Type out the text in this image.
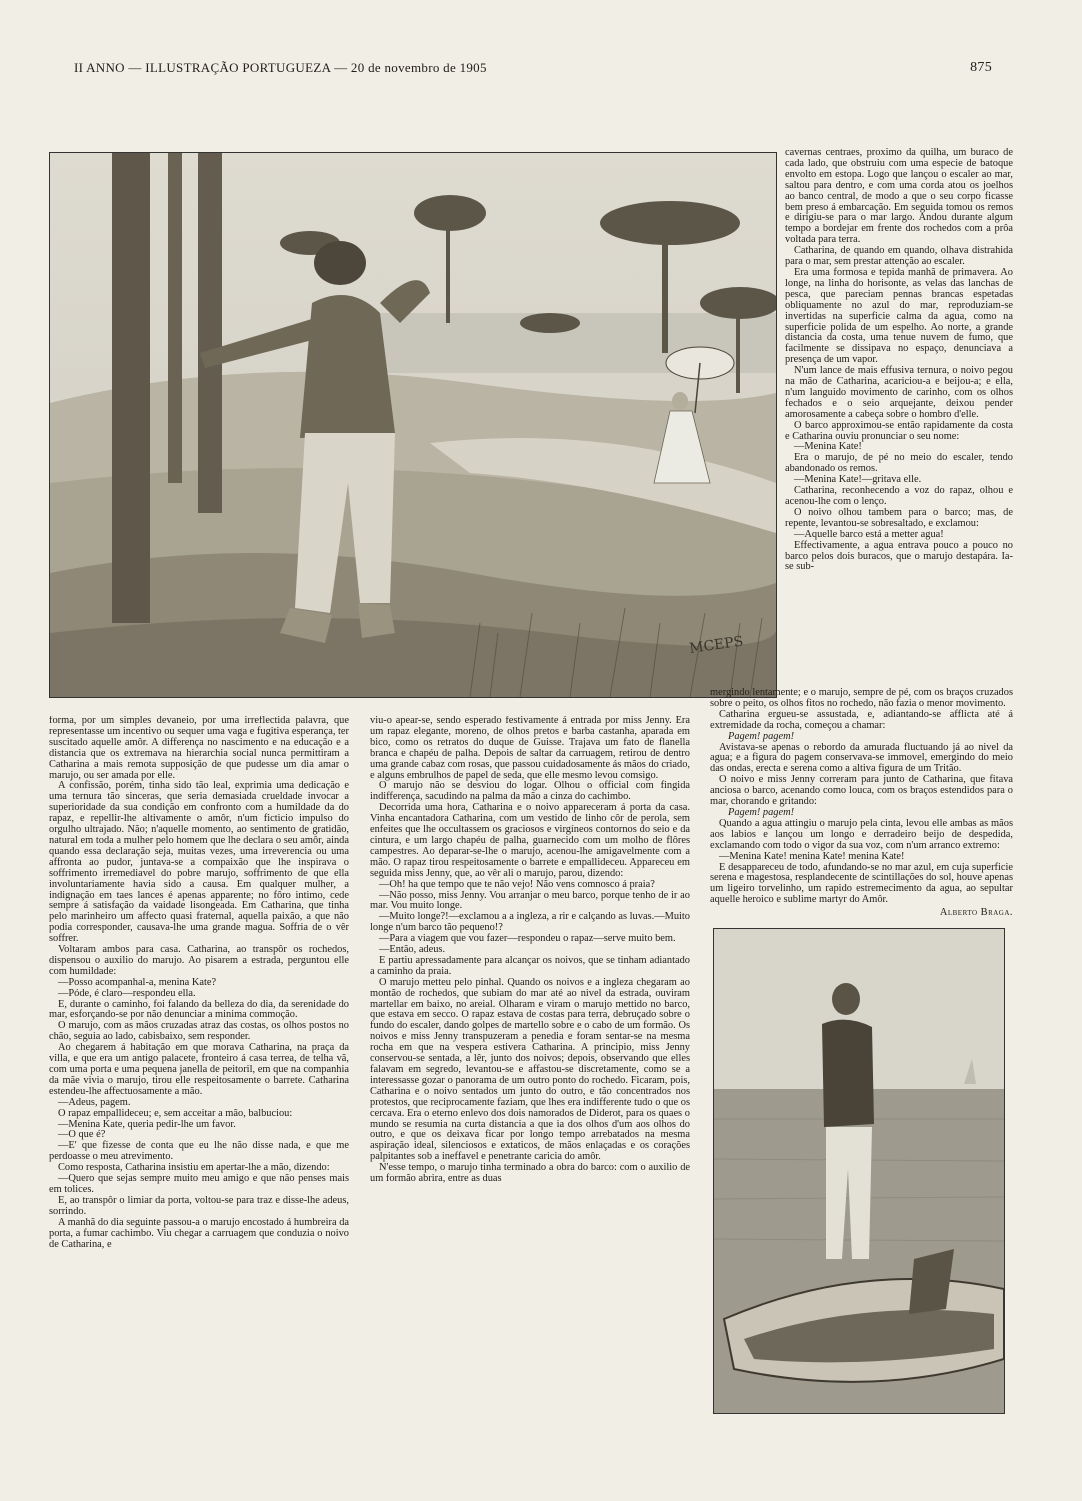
II ANNO — ILLUSTRAÇÃO PORTUGUEZA — 20 de novembro de 1905	875
MCEPS

cavernas centraes, proximo da quilha, um buraco de cada lado, que obstruiu com uma especie de batoque envolto em estopa. Logo que lançou o escaler ao mar, saltou para dentro, e com uma corda atou os joelhos ao banco central, de modo a que o seu corpo ficasse bem preso á embarcação. Em seguida tomou os remos e dirigiu-se para o mar largo. Andou durante algum tempo a bordejar em frente dos rochedos com a prôa voltada para terra.

Catharina, de quando em quando, olhava distrahida para o mar, sem prestar attenção ao escaler.

Era uma formosa e tepida manhã de primavera. Ao longe, na linha do horisonte, as velas das lanchas de pesca, que pareciam pennas brancas espetadas obliquamente no azul do mar, reproduziam-se invertidas na superficie calma da agua, como na superficie polida de um espelho. Ao norte, a grande distancia da costa, uma tenue nuvem de fumo, que facilmente se dissipava no espaço, denunciava a presença de um vapor.

N'um lance de mais effusiva ternura, o noivo pegou na mão de Catharina, acariciou-a e beijou-a; e ella, n'um languido movimento de carinho, com os olhos fechados e o seio arquejante, deixou pender amorosamente a cabeça sobre o hombro d'elle.

O barco approximou-se então rapidamente da costa e Catharina ouviu pronunciar o seu nome:

—Menina Kate!

Era o marujo, de pé no meio do escaler, tendo abandonado os remos.

—Menina Kate!—gritava elle.

Catharina, reconhecendo a voz do rapaz, olhou e acenou-lhe com o lenço.

O noivo olhou tambem para o barco; mas, de repente, levantou-se sobresaltado, e exclamou:

—Aquelle barco está a metter agua!

Effectivamente, a agua entrava pouco a pouco no barco pelos dois buracos, que o marujo destapára. Ia-se sub-

mergindo lentamente; e o marujo, sempre de pé, com os braços cruzados sobre o peito, os olhos fitos no rochedo, não fazia o menor movimento.

Catharina ergueu-se assustada, e, adiantando-se afflicta até á extremidade da rocha, começou a chamar:

Pagem! pagem!

Avistava-se apenas o rebordo da amurada fluctuando já ao nivel da agua; e a figura do pagem conservava-se immovel, emergindo do meio das ondas, erecta e serena como a altiva figura de um Tritão.

O noivo e miss Jenny correram para junto de Catharina, que fitava anciosa o barco, acenando como louca, com os braços estendidos para o mar, chorando e gritando:

Pagem! pagem!

Quando a agua attingiu o marujo pela cinta, levou elle ambas as mãos aos labios e lançou um longo e derradeiro beijo de despedida, exclamando com todo o vigor da sua voz, com n'um arranco extremo:

—Menina Kate! menina Kate! menina Kate!

E desappareceu de todo, afundando-se no mar azul, em cuja superficie serena e magestosa, resplandecente de scintillações do sol, houve apenas um ligeiro torvelinho, um rapido estremecimento da agua, ao sepultar aquelle heroico e sublime martyr do Amôr.

Alberto Braga.

forma, por um simples devaneio, por uma irreflectida palavra, que representasse um incentivo ou sequer uma vaga e fugitiva esperança, ter suscitado aquelle amôr. A differença no nascimento e na educação e a distancia que os extremava na hierarchia social nunca permittiram a Catharina a mais remota supposição de que pudesse um dia amar o marujo, ou ser amada por elle.

A confissão, porém, tinha sido tão leal, exprimia uma dedicação e uma ternura tão sinceras, que seria demasiada crueldade invocar a superioridade da sua condição em confronto com a humildade da do rapaz, e repellir-lhe altivamente o amôr, n'um ficticio impulso do orgulho ultrajado. Não; n'aquelle momento, ao sentimento de gratidão, natural em toda a mulher pelo homem que lhe declara o seu amôr, ainda quando essa declaração seja, muitas vezes, uma irreverencia ou uma affronta ao pudor, juntava-se a compaixão que lhe inspirava o soffrimento irremediavel do pobre marujo, soffrimento de que ella involuntariamente havia sido a causa. Em qualquer mulher, a indignação em taes lances é apenas apparente; no fôro intimo, cede sempre á satisfação da vaidade lisongeada. Em Catharina, que tinha pelo marinheiro um affecto quasi fraternal, aquella paixão, a que não podia corresponder, causava-lhe uma grande magua. Soffria de o vêr soffrer.

Voltaram ambos para casa. Catharina, ao transpôr os rochedos, dispensou o auxilio do marujo. Ao pisarem a estrada, perguntou elle com humildade:

—Posso acompanhal-a, menina Kate?

—Póde, é claro—respondeu ella.

E, durante o caminho, foi falando da belleza do dia, da serenidade do mar, esforçando-se por não denunciar a minima commoção.

O marujo, com as mãos cruzadas atraz das costas, os olhos postos no chão, seguia ao lado, cabisbaixo, sem responder.

Ao chegarem á habitação em que morava Catharina, na praça da villa, e que era um antigo palacete, fronteiro á casa terrea, de telha vã, com uma porta e uma pequena janella de peitoril, em que na companhia da mãe vivia o marujo, tirou elle respeitosamente o barrete. Catharina estendeu-lhe affectuosamente a mão.

—Adeus, pagem.

O rapaz empallideceu; e, sem acceitar a mão, balbuciou:

—Menina Kate, queria pedir-lhe um favor.

—O que é?

—E' que fizesse de conta que eu lhe não disse nada, e que me perdoasse o meu atrevimento.

Como resposta, Catharina insistiu em apertar-lhe a mão, dizendo:

—Quero que sejas sempre muito meu amigo e que não penses mais em tolices.

E, ao transpôr o limiar da porta, voltou-se para traz e disse-lhe adeus, sorrindo.

A manhã do dia seguinte passou-a o marujo encostado á humbreira da porta, a fumar cachimbo. Viu chegar a carruagem que conduzia o noivo de Catharina, e

viu-o apear-se, sendo esperado festivamente á entrada por miss Jenny. Era um rapaz elegante, moreno, de olhos pretos e barba castanha, aparada em bico, como os retratos do duque de Guisse. Trajava um fato de flanella branca e chapéu de palha. Depois de saltar da carruagem, retirou de dentro uma grande cabaz com rosas, que passou cuidadosamente ás mãos do criado, e alguns embrulhos de papel de seda, que elle mesmo levou comsigo.

O marujo não se desviou do logar. Olhou o official com fingida indifferença, sacudindo na palma da mão a cinza do cachimbo.

Decorrida uma hora, Catharina e o noivo appareceram á porta da casa. Vinha encantadora Catharina, com um vestido de linho côr de perola, sem enfeites que lhe occultassem os graciosos e virgíneos contornos do seio e da cintura, e um largo chapéu de palha, guarnecido com um molho de flôres campestres. Ao deparar-se-lhe o marujo, acenou-lhe amigavelmente com a mão. O rapaz tirou respeitosamente o barrete e empallideceu. Appareceu em seguida miss Jenny, que, ao vêr ali o marujo, parou, dizendo:

—Oh! ha que tempo que te não vejo! Não vens comnosco á praia?

—Não posso, miss Jenny. Vou arranjar o meu barco, porque tenho de ir ao mar. Vou muito longe.

—Muito longe?!—exclamou a a ingleza, a rir e calçando as luvas.—Muito longe n'um barco tão pequeno!?

—Para a viagem que vou fazer—respondeu o rapaz—serve muito bem.

—Então, adeus.

E partiu apressadamente para alcançar os noivos, que se tinham adiantado a caminho da praia.

O marujo metteu pelo pinhal. Quando os noivos e a ingleza chegaram ao montão de rochedos, que subiam do mar até ao nivel da estrada, ouviram martellar em baixo, no areial. Olharam e viram o marujo mettido no barco, que estava em secco. O rapaz estava de costas para terra, debruçado sobre o fundo do escaler, dando golpes de martello sobre e o cabo de um formão. Os noivos e miss Jenny transpuzeram a penedia e foram sentar-se na mesma rocha em que na vespera estivera Catharina. A principio, miss Jenny conservou-se sentada, a lêr, junto dos noivos; depois, observando que elles falavam em segredo, levantou-se e affastou-se discretamente, como se a interessasse gozar o panorama de um outro ponto do rochedo. Ficaram, pois, Catharina e o noivo sentados um junto do outro, e tão concentrados nos protestos, que reciprocamente faziam, que lhes era indifferente tudo o que os cercava. Era o eterno enlevo dos dois namorados de Diderot, para os quaes o mundo se resumia na curta distancia a que ia dos olhos d'um aos olhos do outro, e que os deixava ficar por longo tempo arrebatados na mesma aspiração ideal, silenciosos e extaticos, de mãos enlaçadas e os corações palpitantes sob a ineffavel e penetrante caricia do amôr.

N'esse tempo, o marujo tinha terminado a obra do barco: com o auxilio de um formão abrira, entre as duas
